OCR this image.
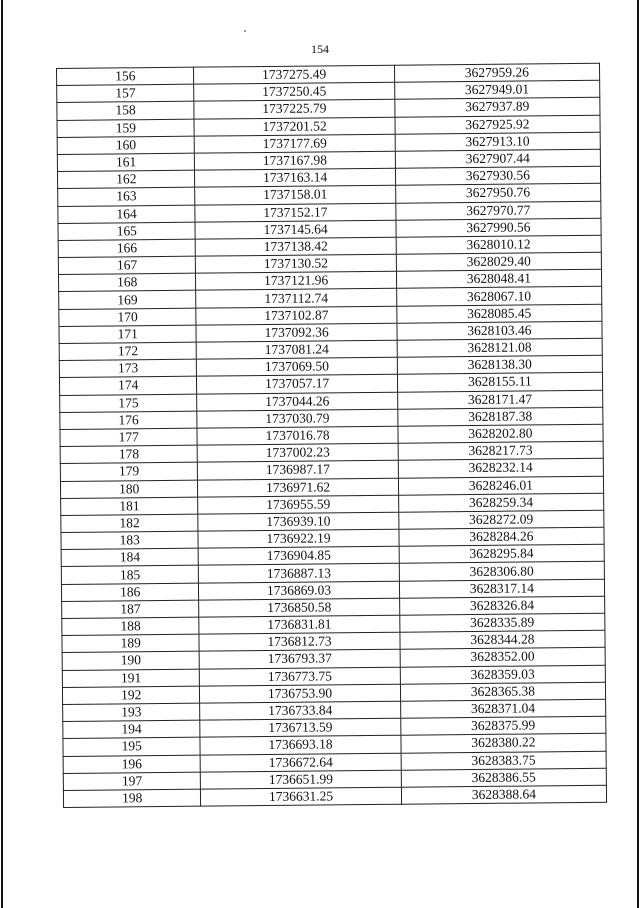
154
156	1737275.49	3627959.26
157	1737250.45	3627949.01
158	1737225.79	3627937.89
159	1737201.52	3627925.92
160	1737177.69	3627913.10
161	1737167.98	3627907.44
162	1737163.14	3627930.56
163	1737158.01	3627950.76
164	1737152.17	3627970.77
165	1737145.64	3627990.56
166	1737138.42	3628010.12
167	1737130.52	3628029.40
168	1737121.96	3628048.41
169	1737112.74	3628067.10
170	1737102.87	3628085.45
171	1737092.36	3628103.46
172	1737081.24	3628121.08
173	1737069.50	3628138.30
174	1737057.17	3628155.11
175	1737044.26	3628171.47
176	1737030.79	3628187.38
177	1737016.78	3628202.80
178	1737002.23	3628217.73
179	1736987.17	3628232.14
180	1736971.62	3628246.01
181	1736955.59	3628259.34
182	1736939.10	3628272.09
183	1736922.19	3628284.26
184	1736904.85	3628295.84
185	1736887.13	3628306.80
186	1736869.03	3628317.14
187	1736850.58	3628326.84
188	1736831.81	3628335.89
189	1736812.73	3628344.28
190	1736793.37	3628352.00
191	1736773.75	3628359.03
192	1736753.90	3628365.38
193	1736733.84	3628371.04
194	1736713.59	3628375.99
195	1736693.18	3628380.22
196	1736672.64	3628383.75
197	1736651.99	3628386.55
198	1736631.25	3628388.64
